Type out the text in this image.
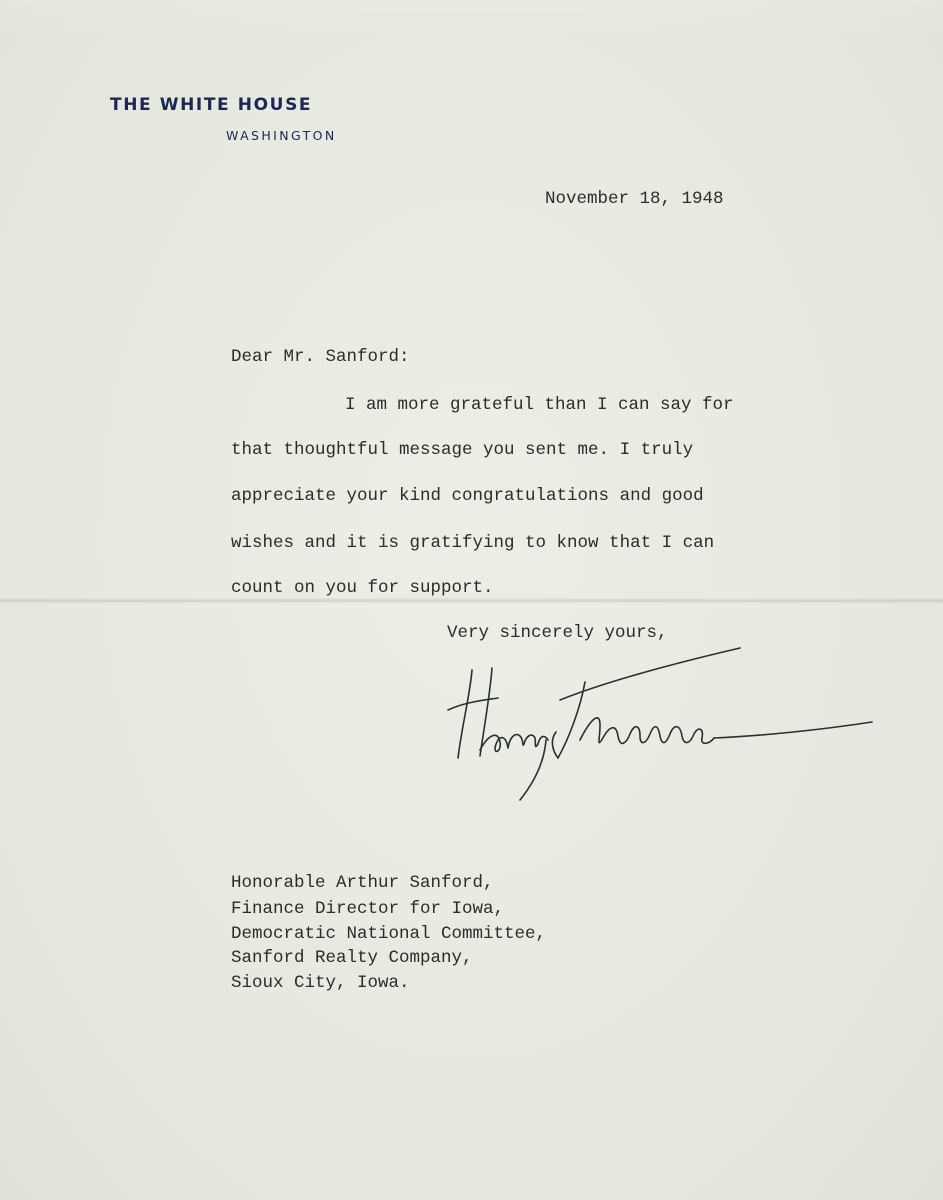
THE WHITE HOUSE
WASHINGTON
November 18, 1948
Dear Mr. Sanford:
I am more grateful than I can say for
that thoughtful message you sent me. I truly
appreciate your kind congratulations and good
wishes and it is gratifying to know that I can
count on you for support.
Very sincerely yours,
Honorable Arthur Sanford,
Finance Director for Iowa,
Democratic National Committee,
Sanford Realty Company,
Sioux City, Iowa.
